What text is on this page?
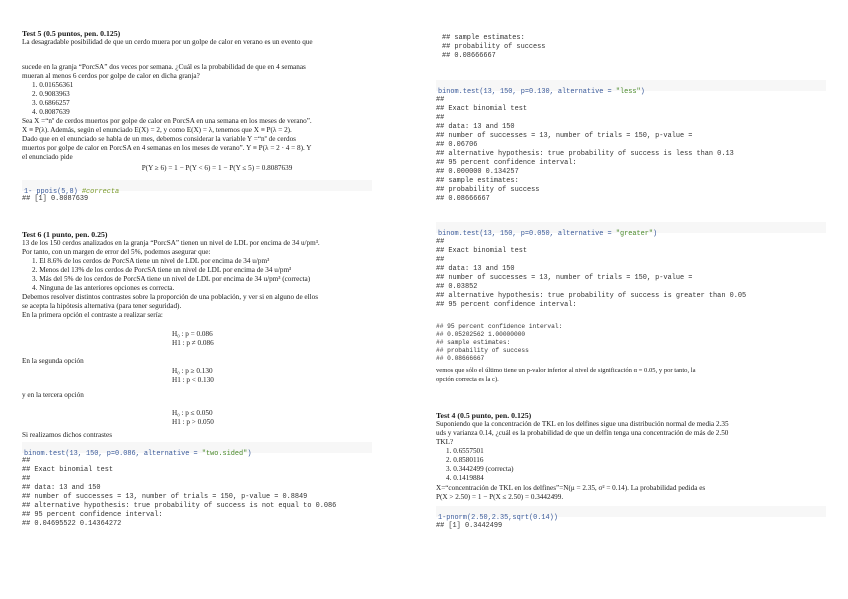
Test 5 (0.5 puntos, pen. 0.125)
La desagradable posibilidad de que un cerdo muera por un golpe de calor en verano es un evento que
sucede en la granja “PorcSA” dos veces por semana. ¿Cuál es la probabilidad de que en 4 semanas
mueran al menos 6 cerdos por golpe de calor en dicha granja?
1. 0.01656361
2. 0.9083963
3. 0.6866257
4. 0.8087639
Sea X =“nº de cerdos muertos por golpe de calor en PorcSA en una semana en los meses de verano”.
X ≡ P(λ). Además, según el enunciado E(X) = 2, y como E(X) = λ, tenemos que X ≡ P(λ = 2).
Dado que en el enunciado se habla de un mes, debemos considerar la variable Y =“nº de cerdos
muertos por golpe de calor en PorcSA en 4 semanas en los meses de verano”. Y ≡ P(λ = 2 · 4 = 8). Y
el enunciado pide
P(Y ≥ 6) = 1 − P(Y < 6) = 1 − P(Y ≤ 5) = 0.8087639
1- ppois(5,8) #correcta
## [1] 0.8087639
Test 6 (1 punto, pen. 0.25)
13 de los 150 cerdos analizados en la granja “PorcSA” tienen un nivel de LDL por encima de 34 u/pm³.
Por tanto, con un margen de error del 5%, podemos asegurar que:
1. El 8.6% de los cerdos de PorcSA tiene un nivel de LDL por encima de 34 u/pm³
2. Menos del 13% de los cerdos de PorcSA tiene un nivel de LDL por encima de 34 u/pm³
3. Más del 5% de los cerdos de PorcSA tiene un nivel de LDL por encima de 34 u/pm³ (correcta)
4. Ninguna de las anteriores opciones es correcta.
Debemos resolver distintos contrastes sobre la proporción de una población, y ver si en alguno de ellos
se acepta la hipótesis alternativa (para tener seguridad).
En la primera opción el contraste a realizar sería:
H₀ : p = 0.086
H1 : p ≠ 0.086
En la segunda opción
H₀ : p ≥ 0.130
H1 : p < 0.130
y en la tercera opción
H₀ : p ≤ 0.050
H1 : p > 0.050
Si realizamos dichos contrastes
binom.test(13, 150, p=0.086, alternative = "two.sided")
##
## Exact binomial test
##
## data: 13 and 150
## number of successes = 13, number of trials = 150, p-value = 0.8849
## alternative hypothesis: true probability of success is not equal to 0.086
## 95 percent confidence interval:
## 0.04695522 0.14364272
## sample estimates:
## probability of success
## 0.08666667
binom.test(13, 150, p=0.130, alternative = "less")
##
## Exact binomial test
##
## data: 13 and 150
## number of successes = 13, number of trials = 150, p-value =
## 0.06706
## alternative hypothesis: true probability of success is less than 0.13
## 95 percent confidence interval:
## 0.000000 0.134257
## sample estimates:
## probability of success
## 0.08666667
binom.test(13, 150, p=0.050, alternative = "greater")
##
## Exact binomial test
##
## data: 13 and 150
## number of successes = 13, number of trials = 150, p-value =
## 0.03852
## alternative hypothesis: true probability of success is greater than 0.05
## 95 percent confidence interval:
## 95 percent confidence interval:
## 0.05202562 1.00000000
## sample estimates:
## probability of success
## 0.08666667
vemos que sólo el último tiene un p-valor inferior al nivel de significación α = 0.05, y por tanto, la
opción correcta es la c).
Test 4 (0.5 punto, pen. 0.125)
Suponiendo que la concentración de TKL en los delfines sigue una distribución normal de media 2.35
uds y varianza 0.14, ¿cuál es la probabilidad de que un delfín tenga una concentración de más de 2.50
TKL?
1. 0.6557501
2. 0.8580116
3. 0.3442499 (correcta)
4. 0.1419884
X=“concentración de TKL en los delfines”=N(μ = 2.35, σ² = 0.14). La probabilidad pedida es
P(X > 2.50) = 1 − P(X ≤ 2.50) = 0.3442499.
1-pnorm(2.50,2.35,sqrt(0.14))
## [1] 0.3442499
